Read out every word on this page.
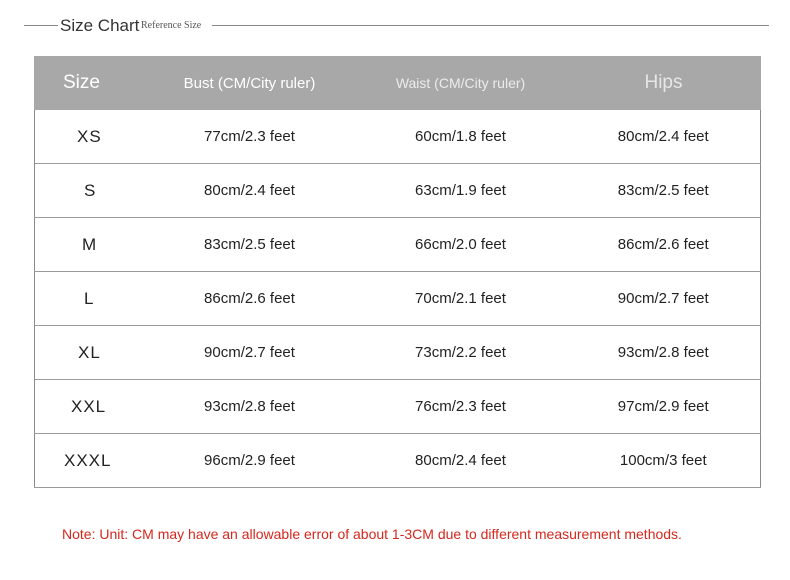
Size Chart Reference Size
Size	Bust (CM/City ruler)	Waist (CM/City ruler)	Hips
XS	77cm/2.3 feet	60cm/1.8 feet	80cm/2.4 feet
S	80cm/2.4 feet	63cm/1.9 feet	83cm/2.5 feet
M	83cm/2.5 feet	66cm/2.0 feet	86cm/2.6 feet
L	86cm/2.6 feet	70cm/2.1 feet	90cm/2.7 feet
XL	90cm/2.7 feet	73cm/2.2 feet	93cm/2.8 feet
XXL	93cm/2.8 feet	76cm/2.3 feet	97cm/2.9 feet
XXXL	96cm/2.9 feet	80cm/2.4 feet	100cm/3 feet
Note: Unit: CM may have an allowable error of about 1-3CM due to different measurement methods.
